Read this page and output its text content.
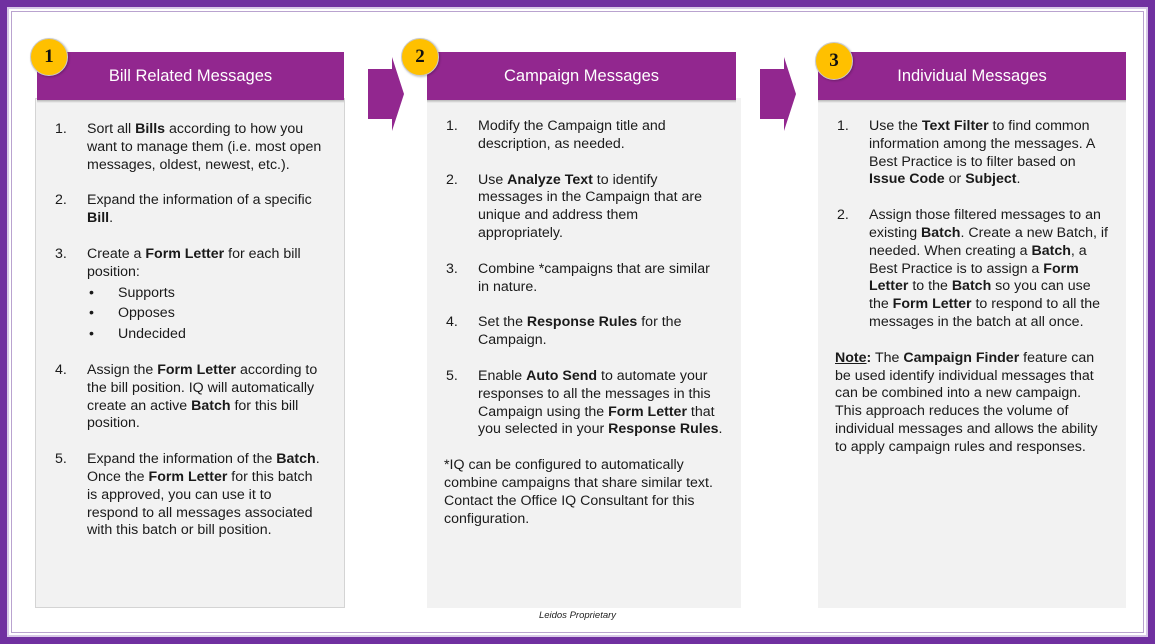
1. Sort all Bills according to how you want to manage them (i.e. most open messages, oldest, newest, etc.).
2. Expand the information of a specific Bill.
3. Create a Form Letter for each bill position:
• Supports
• Opposes
• Undecided
4. Assign the Form Letter according to the bill position. IQ will automatically create an active Batch for this bill position.
5. Expand the information of the Batch. Once the Form Letter for this batch is approved, you can use it to respond to all messages associated with this batch or bill position.
1. Modify the Campaign title and description, as needed.
2. Use Analyze Text to identify messages in the Campaign that are unique and address them appropriately.
3. Combine *campaigns that are similar in nature.
4. Set the Response Rules for the Campaign.
5. Enable Auto Send to automate your responses to all the messages in this Campaign using the Form Letter that you selected in your Response Rules.
*IQ can be configured to automatically combine campaigns that share similar text. Contact the Office IQ Consultant for this configuration.
1. Use the Text Filter to find common information among the messages. A Best Practice is to filter based on Issue Code or Subject.
2. Assign those filtered messages to an existing Batch. Create a new Batch, if needed. When creating a Batch, a Best Practice is to assign a Form Letter to the Batch so you can use the Form Letter to respond to all the messages in the batch at all once.
Note: The Campaign Finder feature can be used identify individual messages that can be combined into a new campaign. This approach reduces the volume of individual messages and allows the ability to apply campaign rules and responses.
Bill Related Messages	Campaign Messages	Individual Messages
1	2	3
Leidos Proprietary
